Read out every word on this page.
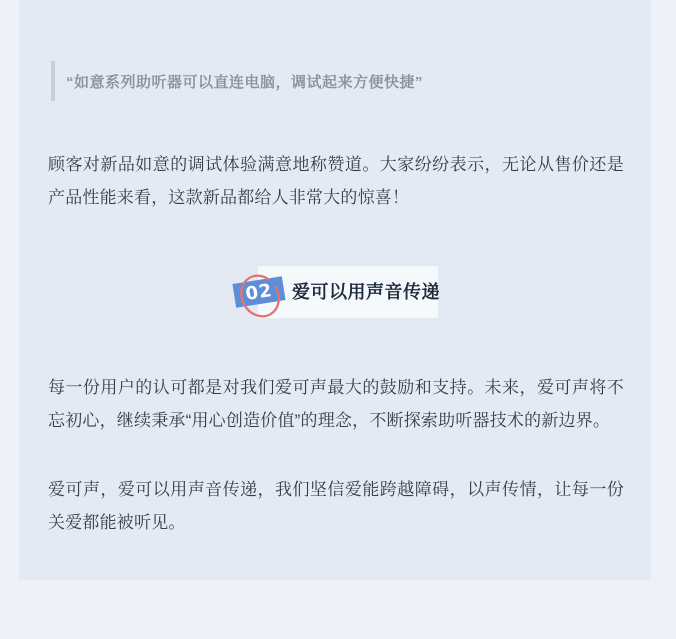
“如意系列助听器可以直连电脑，调试起来方便快捷”

顾客对新品如意的调试体验满意地称赞道。大家纷纷表示，无论从售价还是产品性能来看，这款新品都给人非常大的惊喜！

爱可以用声音传递
02

每一份用户的认可都是对我们爱可声最大的鼓励和支持。未来，爱可声将不忘初心，继续秉承“用心创造价值”的理念，不断探索助听器技术的新边界。

爱可声，爱可以用声音传递，我们坚信爱能跨越障碍，以声传情，让每一份关爱都能被听见。
